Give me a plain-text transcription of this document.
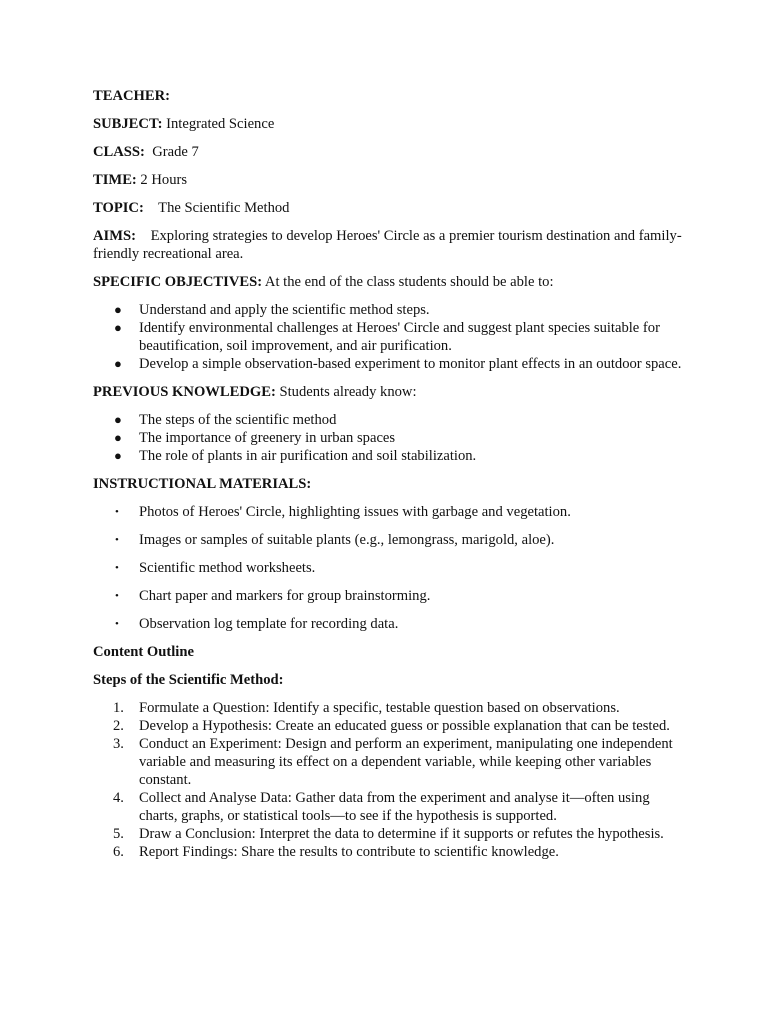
TEACHER:

SUBJECT: Integrated Science

CLASS:  Grade 7

TIME: 2 Hours

TOPIC:    The Scientific Method

AIMS:    Exploring strategies to develop Heroes' Circle as a premier tourism destination and family-friendly recreational area.

SPECIFIC OBJECTIVES: At the end of the class students should be able to:

● Understand and apply the scientific method steps.
● Identify environmental challenges at Heroes' Circle and suggest plant species suitable for beautification, soil improvement, and air purification.
● Develop a simple observation-based experiment to monitor plant effects in an outdoor space.

PREVIOUS KNOWLEDGE: Students already know:

● The steps of the scientific method
● The importance of greenery in urban spaces
● The role of plants in air purification and soil stabilization.

INSTRUCTIONAL MATERIALS:

• Photos of Heroes' Circle, highlighting issues with garbage and vegetation.
• Images or samples of suitable plants (e.g., lemongrass, marigold, aloe).
• Scientific method worksheets.
• Chart paper and markers for group brainstorming.
• Observation log template for recording data.

Content Outline

Steps of the Scientific Method:

1. Formulate a Question: Identify a specific, testable question based on observations.
2. Develop a Hypothesis: Create an educated guess or possible explanation that can be tested.
3. Conduct an Experiment: Design and perform an experiment, manipulating one independent variable and measuring its effect on a dependent variable, while keeping other variables constant.
4. Collect and Analyse Data: Gather data from the experiment and analyse it—often using charts, graphs, or statistical tools—to see if the hypothesis is supported.
5. Draw a Conclusion: Interpret the data to determine if it supports or refutes the hypothesis.
6. Report Findings: Share the results to contribute to scientific knowledge.
